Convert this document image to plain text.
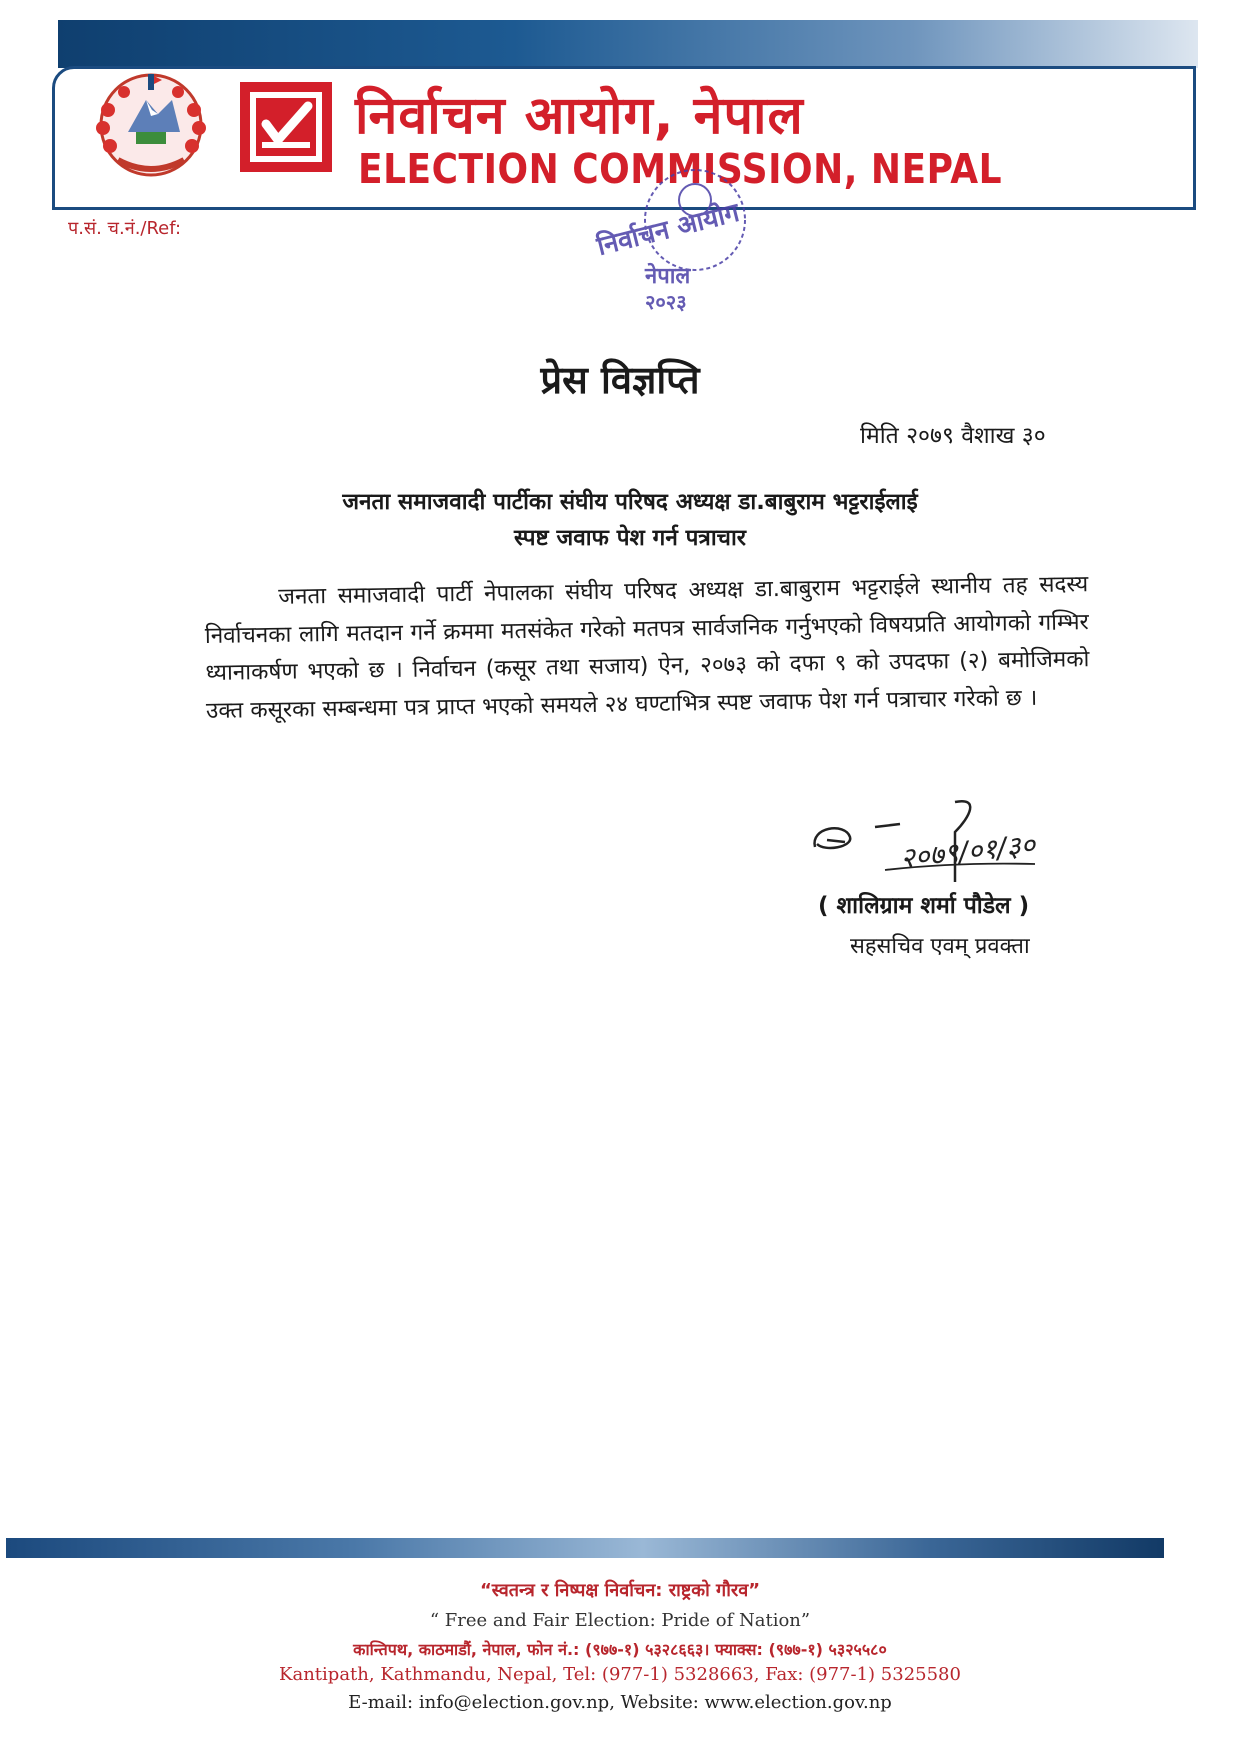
निर्वाचन आयोग, नेपाल
ELECTION COMMISSION, NEPAL
प.सं. च.नं./Ref:	निर्वाचन आयोग
नेपाल
२०२३
प्रेस विज्ञप्ति
मिति २०७९ वैशाख ३०
जनता समाजवादी पार्टीका संघीय परिषद अध्यक्ष डा.बाबुराम भट्टराईलाई
स्पष्ट जवाफ पेश गर्न पत्राचार
जनता समाजवादी पार्टी नेपालका संघीय परिषद अध्यक्ष डा.बाबुराम भट्टराईले स्थानीय तह सदस्य निर्वाचनका लागि मतदान गर्ने क्रममा मतसंकेत गरेको मतपत्र सार्वजनिक गर्नुभएको विषयप्रति आयोगको गम्भिर ध्यानाकर्षण भएको छ । निर्वाचन (कसूर तथा सजाय) ऐन, २०७३ को दफा ९ को उपदफा (२) बमोजिमको उक्त कसूरका सम्बन्धमा पत्र प्राप्त भएको समयले २४ घण्टाभित्र स्पष्ट जवाफ पेश गर्न पत्राचार गरेको छ ।
२०७९/०१/३०
( शालिग्राम शर्मा पौडेल )
सहसचिव एवम् प्रवक्ता
“स्वतन्त्र र निष्पक्ष निर्वाचन: राष्ट्रको गौरव”
“ Free and Fair Election: Pride of Nation”
कान्तिपथ, काठमाडौं, नेपाल, फोन नं.: (९७७-१) ५३२८६६३। फ्याक्स: (९७७-१) ५३२५५८०
Kantipath, Kathmandu, Nepal, Tel: (977-1) 5328663, Fax: (977-1) 5325580
E-mail: info@election.gov.np, Website: www.election.gov.np
